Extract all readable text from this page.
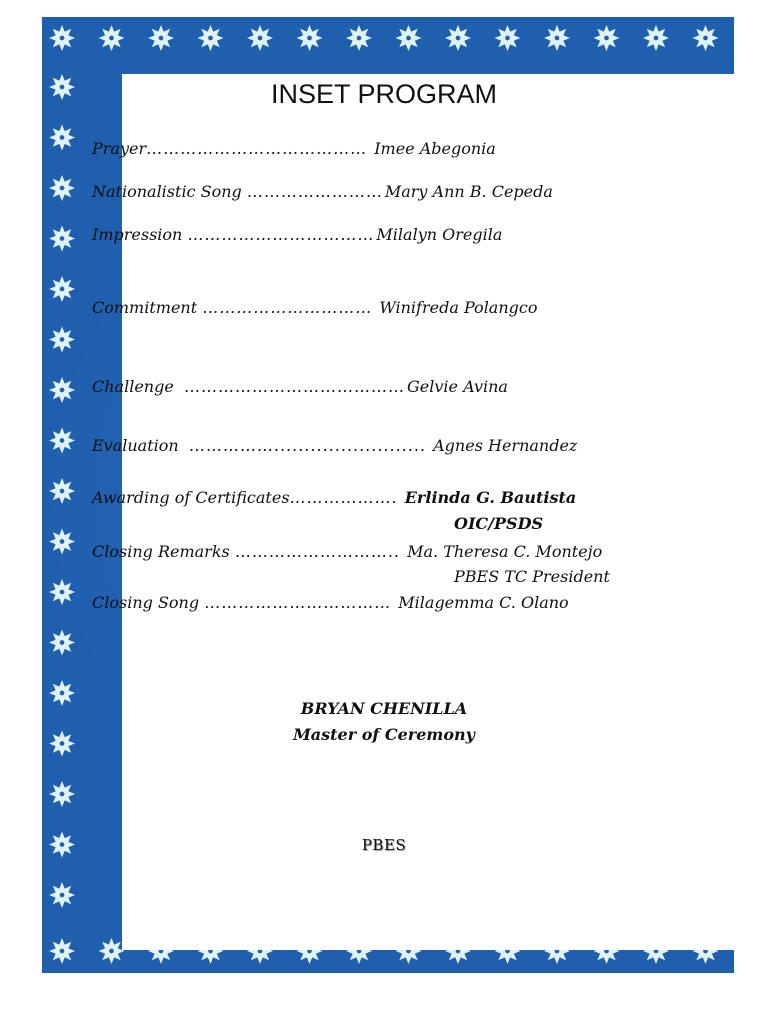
INSET PROGRAM
Prayer………………………………… Imee Abegonia
Nationalistic Song …………………… Mary Ann B. Cepeda
Impression …………………………… Milalyn Oregila
Commitment ………………………… Winifreda Polangco
Challenge ………………………………… Gelvie Avina
Evaluation ……………......................... Agnes Hernandez
Awarding of Certificates………………. Erlinda G. Bautista
OIC/PSDS
Closing Remarks ……………………….. Ma. Theresa C. Montejo
PBES TC President
Closing Song …………………………… Milagemma C. Olano
BRYAN CHENILLA
Master of Ceremony
PBES
